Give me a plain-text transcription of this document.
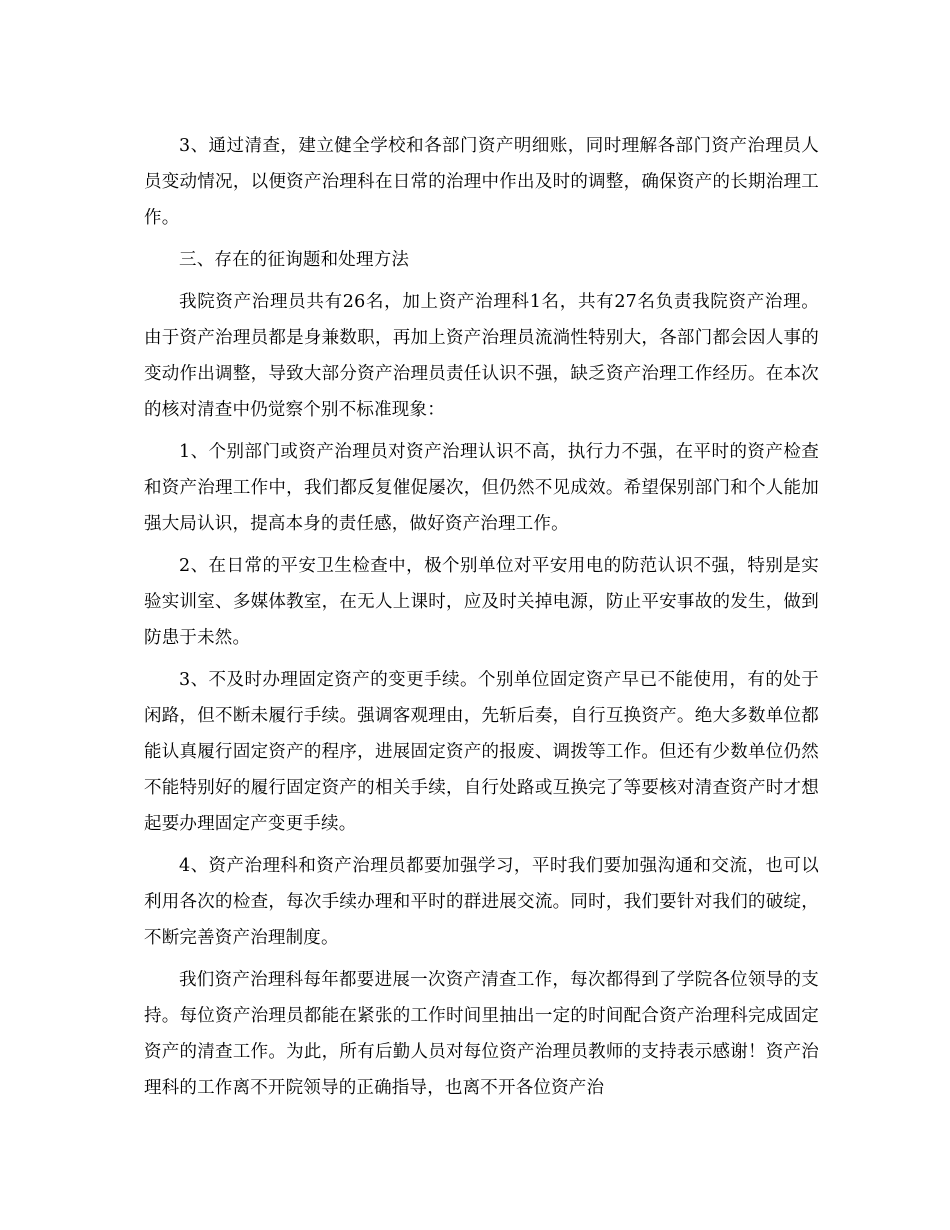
3、通过清查，建立健全学校和各部门资产明细账，同时理解各部门资产治理员人员变动情况，以便资产治理科在日常的治理中作出及时的调整，确保资产的长期治理工作。

三、存在的征询题和处理方法

我院资产治理员共有26名，加上资产治理科1名，共有27名负责我院资产治理。由于资产治理员都是身兼数职，再加上资产治理员流淌性特别大，各部门都会因人事的变动作出调整，导致大部分资产治理员责任认识不强，缺乏资产治理工作经历。在本次的核对清查中仍觉察个别不标准现象：

1、个别部门或资产治理员对资产治理认识不高，执行力不强，在平时的资产检查和资产治理工作中，我们都反复催促屡次，但仍然不见成效。希望保别部门和个人能加强大局认识，提高本身的责任感，做好资产治理工作。

2、在日常的平安卫生检查中，极个别单位对平安用电的防范认识不强，特别是实验实训室、多媒体教室，在无人上课时，应及时关掉电源，防止平安事故的发生，做到防患于未然。

3、不及时办理固定资产的变更手续。个别单位固定资产早已不能使用，有的处于闲路，但不断未履行手续。强调客观理由，先斩后奏，自行互换资产。绝大多数单位都能认真履行固定资产的程序，进展固定资产的报废、调拨等工作。但还有少数单位仍然不能特别好的履行固定资产的相关手续，自行处路或互换完了等要核对清查资产时才想起要办理固定产变更手续。

4、资产治理科和资产治理员都要加强学习，平时我们要加强沟通和交流，也可以利用各次的检查，每次手续办理和平时的群进展交流。同时，我们要针对我们的破绽，不断完善资产治理制度。

我们资产治理科每年都要进展一次资产清查工作，每次都得到了学院各位领导的支持。每位资产治理员都能在紧张的工作时间里抽出一定的时间配合资产治理科完成固定资产的清查工作。为此，所有后勤人员对每位资产治理员教师的支持表示感谢！资产治理科的工作离不开院领导的正确指导，也离不开各位资产治
